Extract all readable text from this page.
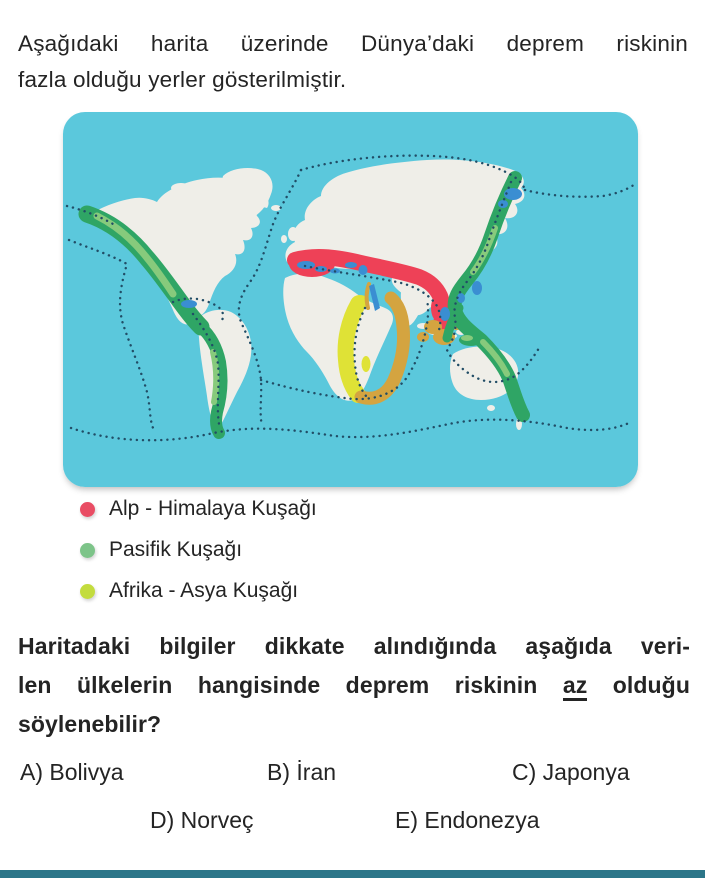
Aşağıdaki harita üzerinde Dünya’daki deprem riskinin
fazla olduğu yerler gösterilmiştir.
Alp - Himalaya Kuşağı
Pasifik Kuşağı
Afrika - Asya Kuşağı
Haritadaki bilgiler dikkate alındığında aşağıda veri-
len ülkelerin hangisinde deprem riskinin az olduğu
söylenebilir?
A) Bolivya	B) İran	C) Japonya
D) Norveç	E) Endonezya
